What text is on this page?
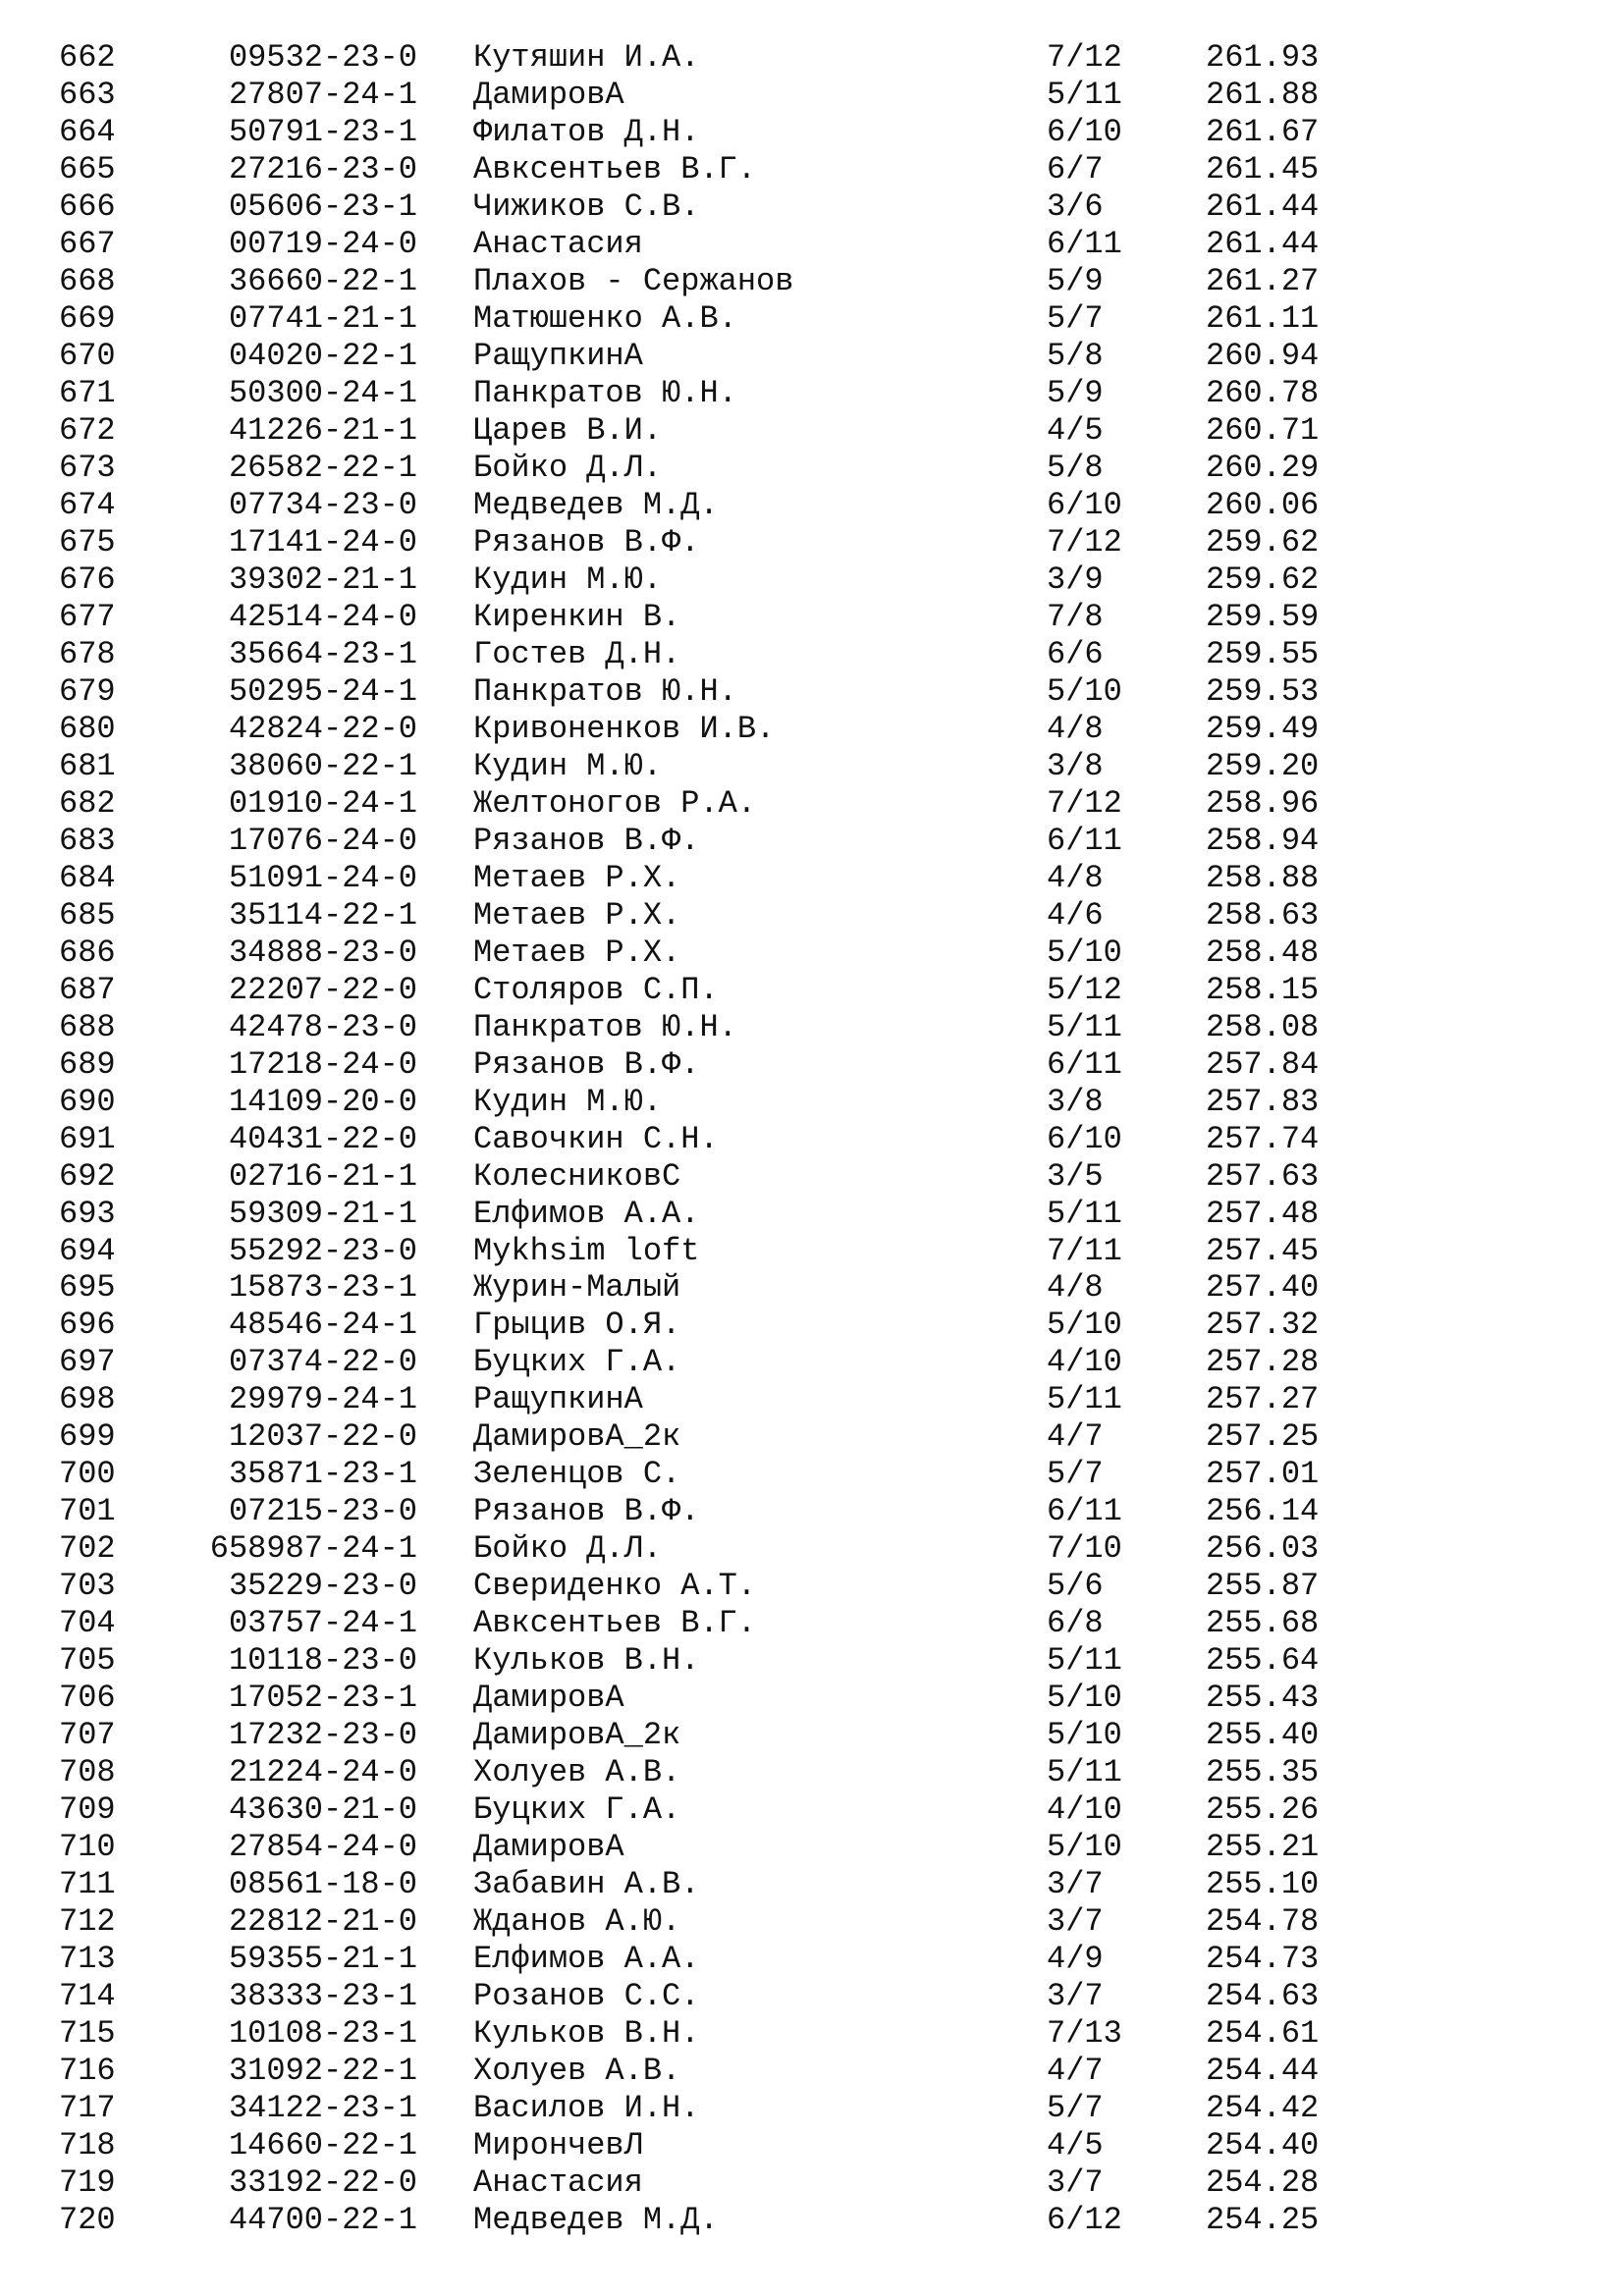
662	09532-23-0 Кутяшин И.А.	7/12	261.93
663	27807-24-1 ДамировА	5/11	261.88
664	50791-23-1 Филатов Д.Н.	6/10	261.67
665	27216-23-0 Авксентьев В.Г.	6/7	261.45
666	05606-23-1 Чижиков С.В.	3/6	261.44
667	00719-24-0 Анастасия	6/11	261.44
668	36660-22-1 Плахов - Сержанов	5/9	261.27
669	07741-21-1 Матюшенко А.В.	5/7	261.11
670	04020-22-1 РащупкинА	5/8	260.94
671	50300-24-1 Панкратов Ю.Н.	5/9	260.78
672	41226-21-1 Царев В.И.	4/5	260.71
673	26582-22-1 Бойко Д.Л.	5/8	260.29
674	07734-23-0 Медведев М.Д.	6/10	260.06
675	17141-24-0 Рязанов В.Ф.	7/12	259.62
676	39302-21-1 Кудин М.Ю.	3/9	259.62
677	42514-24-0 Киренкин В.	7/8	259.59
678	35664-23-1 Гостев Д.Н.	6/6	259.55
679	50295-24-1 Панкратов Ю.Н.	5/10	259.53
680	42824-22-0 Кривоненков И.В.	4/8	259.49
681	38060-22-1 Кудин М.Ю.	3/8	259.20
682	01910-24-1 Желтоногов Р.А.	7/12	258.96
683	17076-24-0 Рязанов В.Ф.	6/11	258.94
684	51091-24-0 Метаев Р.Х.	4/8	258.88
685	35114-22-1 Метаев Р.Х.	4/6	258.63
686	34888-23-0 Метаев Р.Х.	5/10	258.48
687	22207-22-0 Столяров С.П.	5/12	258.15
688	42478-23-0 Панкратов Ю.Н.	5/11	258.08
689	17218-24-0 Рязанов В.Ф.	6/11	257.84
690	14109-20-0 Кудин М.Ю.	3/8	257.83
691	40431-22-0 Савочкин С.Н.	6/10	257.74
692	02716-21-1 КолесниковС	3/5	257.63
693	59309-21-1 Елфимов А.А.	5/11	257.48
694	55292-23-0 Mykhsim loft	7/11	257.45
695	15873-23-1 Журин-Малый	4/8	257.40
696	48546-24-1 Грыцив О.Я.	5/10	257.32
697	07374-22-0 Буцких Г.А.	4/10	257.28
698	29979-24-1 РащупкинА	5/11	257.27
699	12037-22-0 ДамировА_2к	4/7	257.25
700	35871-23-1 Зеленцов С.	5/7	257.01
701	07215-23-0 Рязанов В.Ф.	6/11	256.14
702	658987-24-1 Бойко Д.Л.	7/10	256.03
703	35229-23-0 Свериденко А.Т.	5/6	255.87
704	03757-24-1 Авксентьев В.Г.	6/8	255.68
705	10118-23-0 Кульков В.Н.	5/11	255.64
706	17052-23-1 ДамировА	5/10	255.43
707	17232-23-0 ДамировА_2к	5/10	255.40
708	21224-24-0 Холуев А.В.	5/11	255.35
709	43630-21-0 Буцких Г.А.	4/10	255.26
710	27854-24-0 ДамировА	5/10	255.21
711	08561-18-0 Забавин А.В.	3/7	255.10
712	22812-21-0 Жданов А.Ю.	3/7	254.78
713	59355-21-1 Елфимов А.А.	4/9	254.73
714	38333-23-1 Розанов С.С.	3/7	254.63
715	10108-23-1 Кульков В.Н.	7/13	254.61
716	31092-22-1 Холуев А.В.	4/7	254.44
717	34122-23-1 Василов И.Н.	5/7	254.42
718	14660-22-1 МирончевЛ	4/5	254.40
719	33192-22-0 Анастасия	3/7	254.28
720	44700-22-1 Медведев М.Д.	6/12	254.25
